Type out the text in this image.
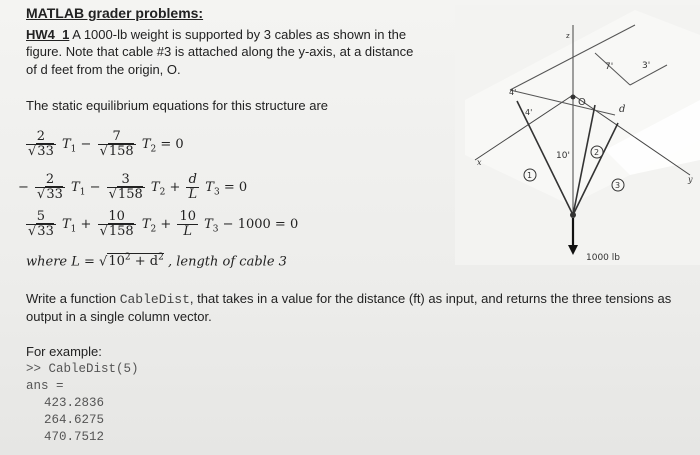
MATLAB grader problems:
HW4_1 A 1000-lb weight is supported by 3 cables as shown in the
figure. Note that cable #3 is attached along the y-axis, at a distance
of d feet from the origin, O.
The static equilibrium equations for this structure are
$\frac{2}{√33} T_1 - \frac{7}{√158} T_2 = 0$
− $\frac{2}{√33} T_1 - \frac{3}{√158} T_2 + \frac{d}{L} T_3 = 0$
$\frac{5}{√33} T_1 + \frac{10}{√158} T_2 + \frac{10}{L} T_3 - 1000 = 0$
where $L = √10^2 + d^2$ , length of cable 3
Write a function CableDist, that takes in a value for the distance (ft) as input, and returns the three tensions as output in a single column vector.
For example:
>> CableDist(5)
ans =
423.2836
264.6275
470.7512
z
x
y
O
d
7'	3'
4'
4'
10'
1
2
3
1000 lb
